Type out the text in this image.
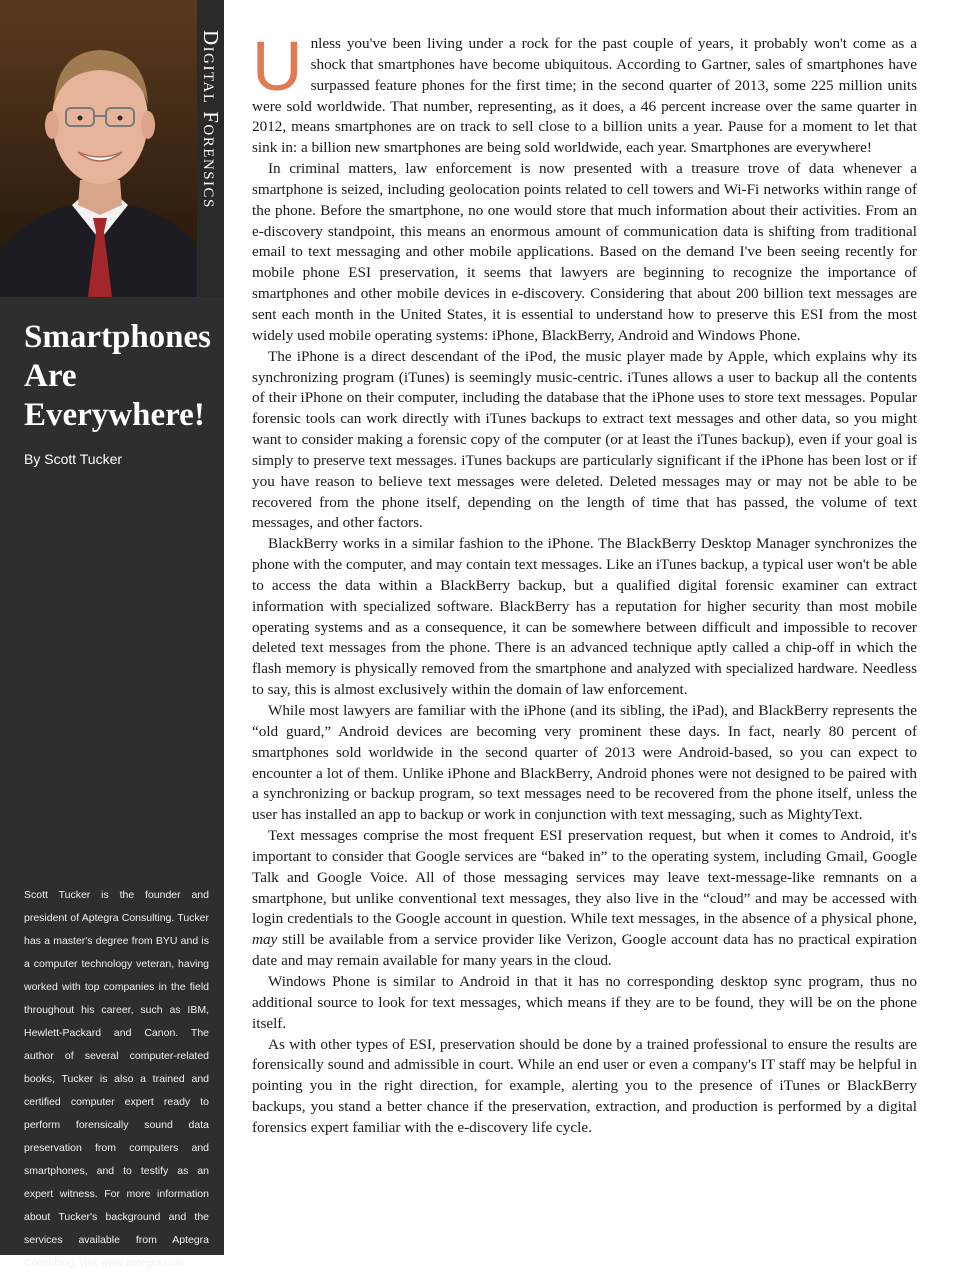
Digital Forensics
Smartphones Are Everywhere!
By Scott Tucker
Scott Tucker is the founder and president of Aptegra Consulting. Tucker has a master's degree from BYU and is a computer technology veteran, having worked with top companies in the field throughout his career, such as IBM, Hewlett-Packard and Canon. The author of several computer-related books, Tucker is also a trained and certified computer expert ready to perform forensically sound data preservation from computers and smartphones, and to testify as an expert witness. For more information about Tucker's background and the services available from Aptegra Consulting, visit www.aptegra.com.

Unless you've been living under a rock for the past couple of years, it probably won't come as a shock that smartphones have become ubiquitous. According to Gartner, sales of smartphones have surpassed feature phones for the first time; in the second quarter of 2013, some 225 million units were sold worldwide. That number, representing, as it does, a 46 percent increase over the same quarter in 2012, means smartphones are on track to sell close to a billion units a year. Pause for a moment to let that sink in: a billion new smartphones are being sold worldwide, each year. Smartphones are everywhere!

In criminal matters, law enforcement is now presented with a treasure trove of data whenever a smartphone is seized, including geolocation points related to cell towers and Wi-Fi networks within range of the phone. Before the smartphone, no one would store that much information about their activities. From an e-discovery standpoint, this means an enormous amount of communication data is shifting from traditional email to text messaging and other mobile applications. Based on the demand I've been seeing recently for mobile phone ESI preservation, it seems that lawyers are beginning to recognize the importance of smartphones and other mobile devices in e-discovery. Considering that about 200 billion text messages are sent each month in the United States, it is essential to understand how to preserve this ESI from the most widely used mobile operating systems: iPhone, BlackBerry, Android and Windows Phone.

The iPhone is a direct descendant of the iPod, the music player made by Apple, which explains why its synchronizing program (iTunes) is seemingly music-centric. iTunes allows a user to backup all the contents of their iPhone on their computer, including the database that the iPhone uses to store text messages. Popular forensic tools can work directly with iTunes backups to extract text messages and other data, so you might want to consider making a forensic copy of the computer (or at least the iTunes backup), even if your goal is simply to preserve text messages. iTunes backups are particularly significant if the iPhone has been lost or if you have reason to believe text messages were deleted. Deleted messages may or may not be able to be recovered from the phone itself, depending on the length of time that has passed, the volume of text messages, and other factors.

BlackBerry works in a similar fashion to the iPhone. The BlackBerry Desktop Manager synchronizes the phone with the computer, and may contain text messages. Like an iTunes backup, a typical user won't be able to access the data within a BlackBerry backup, but a qualified digital forensic examiner can extract information with specialized software. BlackBerry has a reputation for higher security than most mobile operating systems and as a consequence, it can be somewhere between difficult and impossible to recover deleted text messages from the phone. There is an advanced technique aptly called a chip-off in which the flash memory is physically removed from the smartphone and analyzed with specialized hardware. Needless to say, this is almost exclusively within the domain of law enforcement.

While most lawyers are familiar with the iPhone (and its sibling, the iPad), and BlackBerry represents the “old guard,” Android devices are becoming very prominent these days. In fact, nearly 80 percent of smartphones sold worldwide in the second quarter of 2013 were Android-based, so you can expect to encounter a lot of them. Unlike iPhone and BlackBerry, Android phones were not designed to be paired with a synchronizing or backup program, so text messages need to be recovered from the phone itself, unless the user has installed an app to backup or work in conjunction with text messaging, such as MightyText.

Text messages comprise the most frequent ESI preservation request, but when it comes to Android, it's important to consider that Google services are “baked in” to the operating system, including Gmail, Google Talk and Google Voice. All of those messaging services may leave text-message-like remnants on a smartphone, but unlike conventional text messages, they also live in the “cloud” and may be accessed with login credentials to the Google account in question. While text messages, in the absence of a physical phone, may still be available from a service provider like Verizon, Google account data has no practical expiration date and may remain available for many years in the cloud.

Windows Phone is similar to Android in that it has no corresponding desktop sync program, thus no additional source to look for text messages, which means if they are to be found, they will be on the phone itself.

As with other types of ESI, preservation should be done by a trained professional to ensure the results are forensically sound and admissible in court. While an end user or even a company's IT staff may be helpful in pointing you in the right direction, for example, alerting you to the presence of iTunes or BlackBerry backups, you stand a better chance if the preservation, extraction, and production is performed by a digital forensics expert familiar with the e-discovery life cycle.
